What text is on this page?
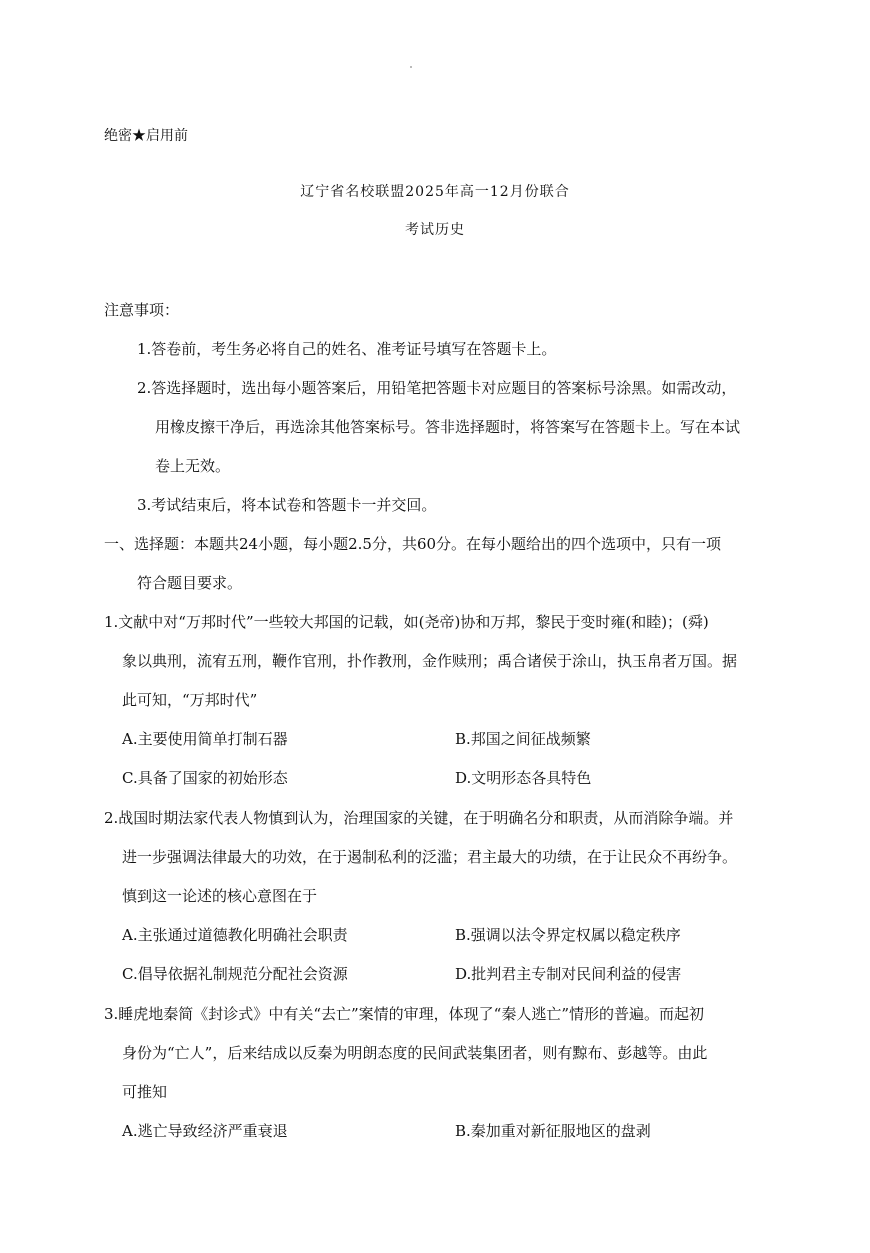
绝密★启用前
辽宁省名校联盟2025年高一12月份联合
考试历史
注意事项：
1.答卷前，考生务必将自己的姓名、准考证号填写在答题卡上。
2.答选择题时，选出每小题答案后，用铅笔把答题卡对应题目的答案标号涂黑。如需改动，
用橡皮擦干净后，再选涂其他答案标号。答非选择题时，将答案写在答题卡上。写在本试
卷上无效。
3.考试结束后，将本试卷和答题卡一并交回。
一、选择题：本题共24小题，每小题2.5分，共60分。在每小题给出的四个选项中，只有一项
符合题目要求。
1.文献中对“万邦时代”一些较大邦国的记载，如(尧帝)协和万邦，黎民于变时雍(和睦)；(舜)
象以典刑，流宥五刑，鞭作官刑，扑作教刑，金作赎刑；禹合诸侯于涂山，执玉帛者万国。据
此可知，“万邦时代”
A.主要使用简单打制石器	B.邦国之间征战频繁
C.具备了国家的初始形态	D.文明形态各具特色
2.战国时期法家代表人物慎到认为，治理国家的关键，在于明确名分和职责，从而消除争端。并
进一步强调法律最大的功效，在于遏制私利的泛滥；君主最大的功绩，在于让民众不再纷争。
慎到这一论述的核心意图在于
A.主张通过道德教化明确社会职责	B.强调以法令界定权属以稳定秩序
C.倡导依据礼制规范分配社会资源	D.批判君主专制对民间利益的侵害
3.睡虎地秦简《封诊式》中有关“去亡”案情的审理，体现了“秦人逃亡”情形的普遍。而起初
身份为“亡人”，后来结成以反秦为明朗态度的民间武装集团者，则有黥布、彭越等。由此
可推知
A.逃亡导致经济严重衰退	B.秦加重对新征服地区的盘剥
